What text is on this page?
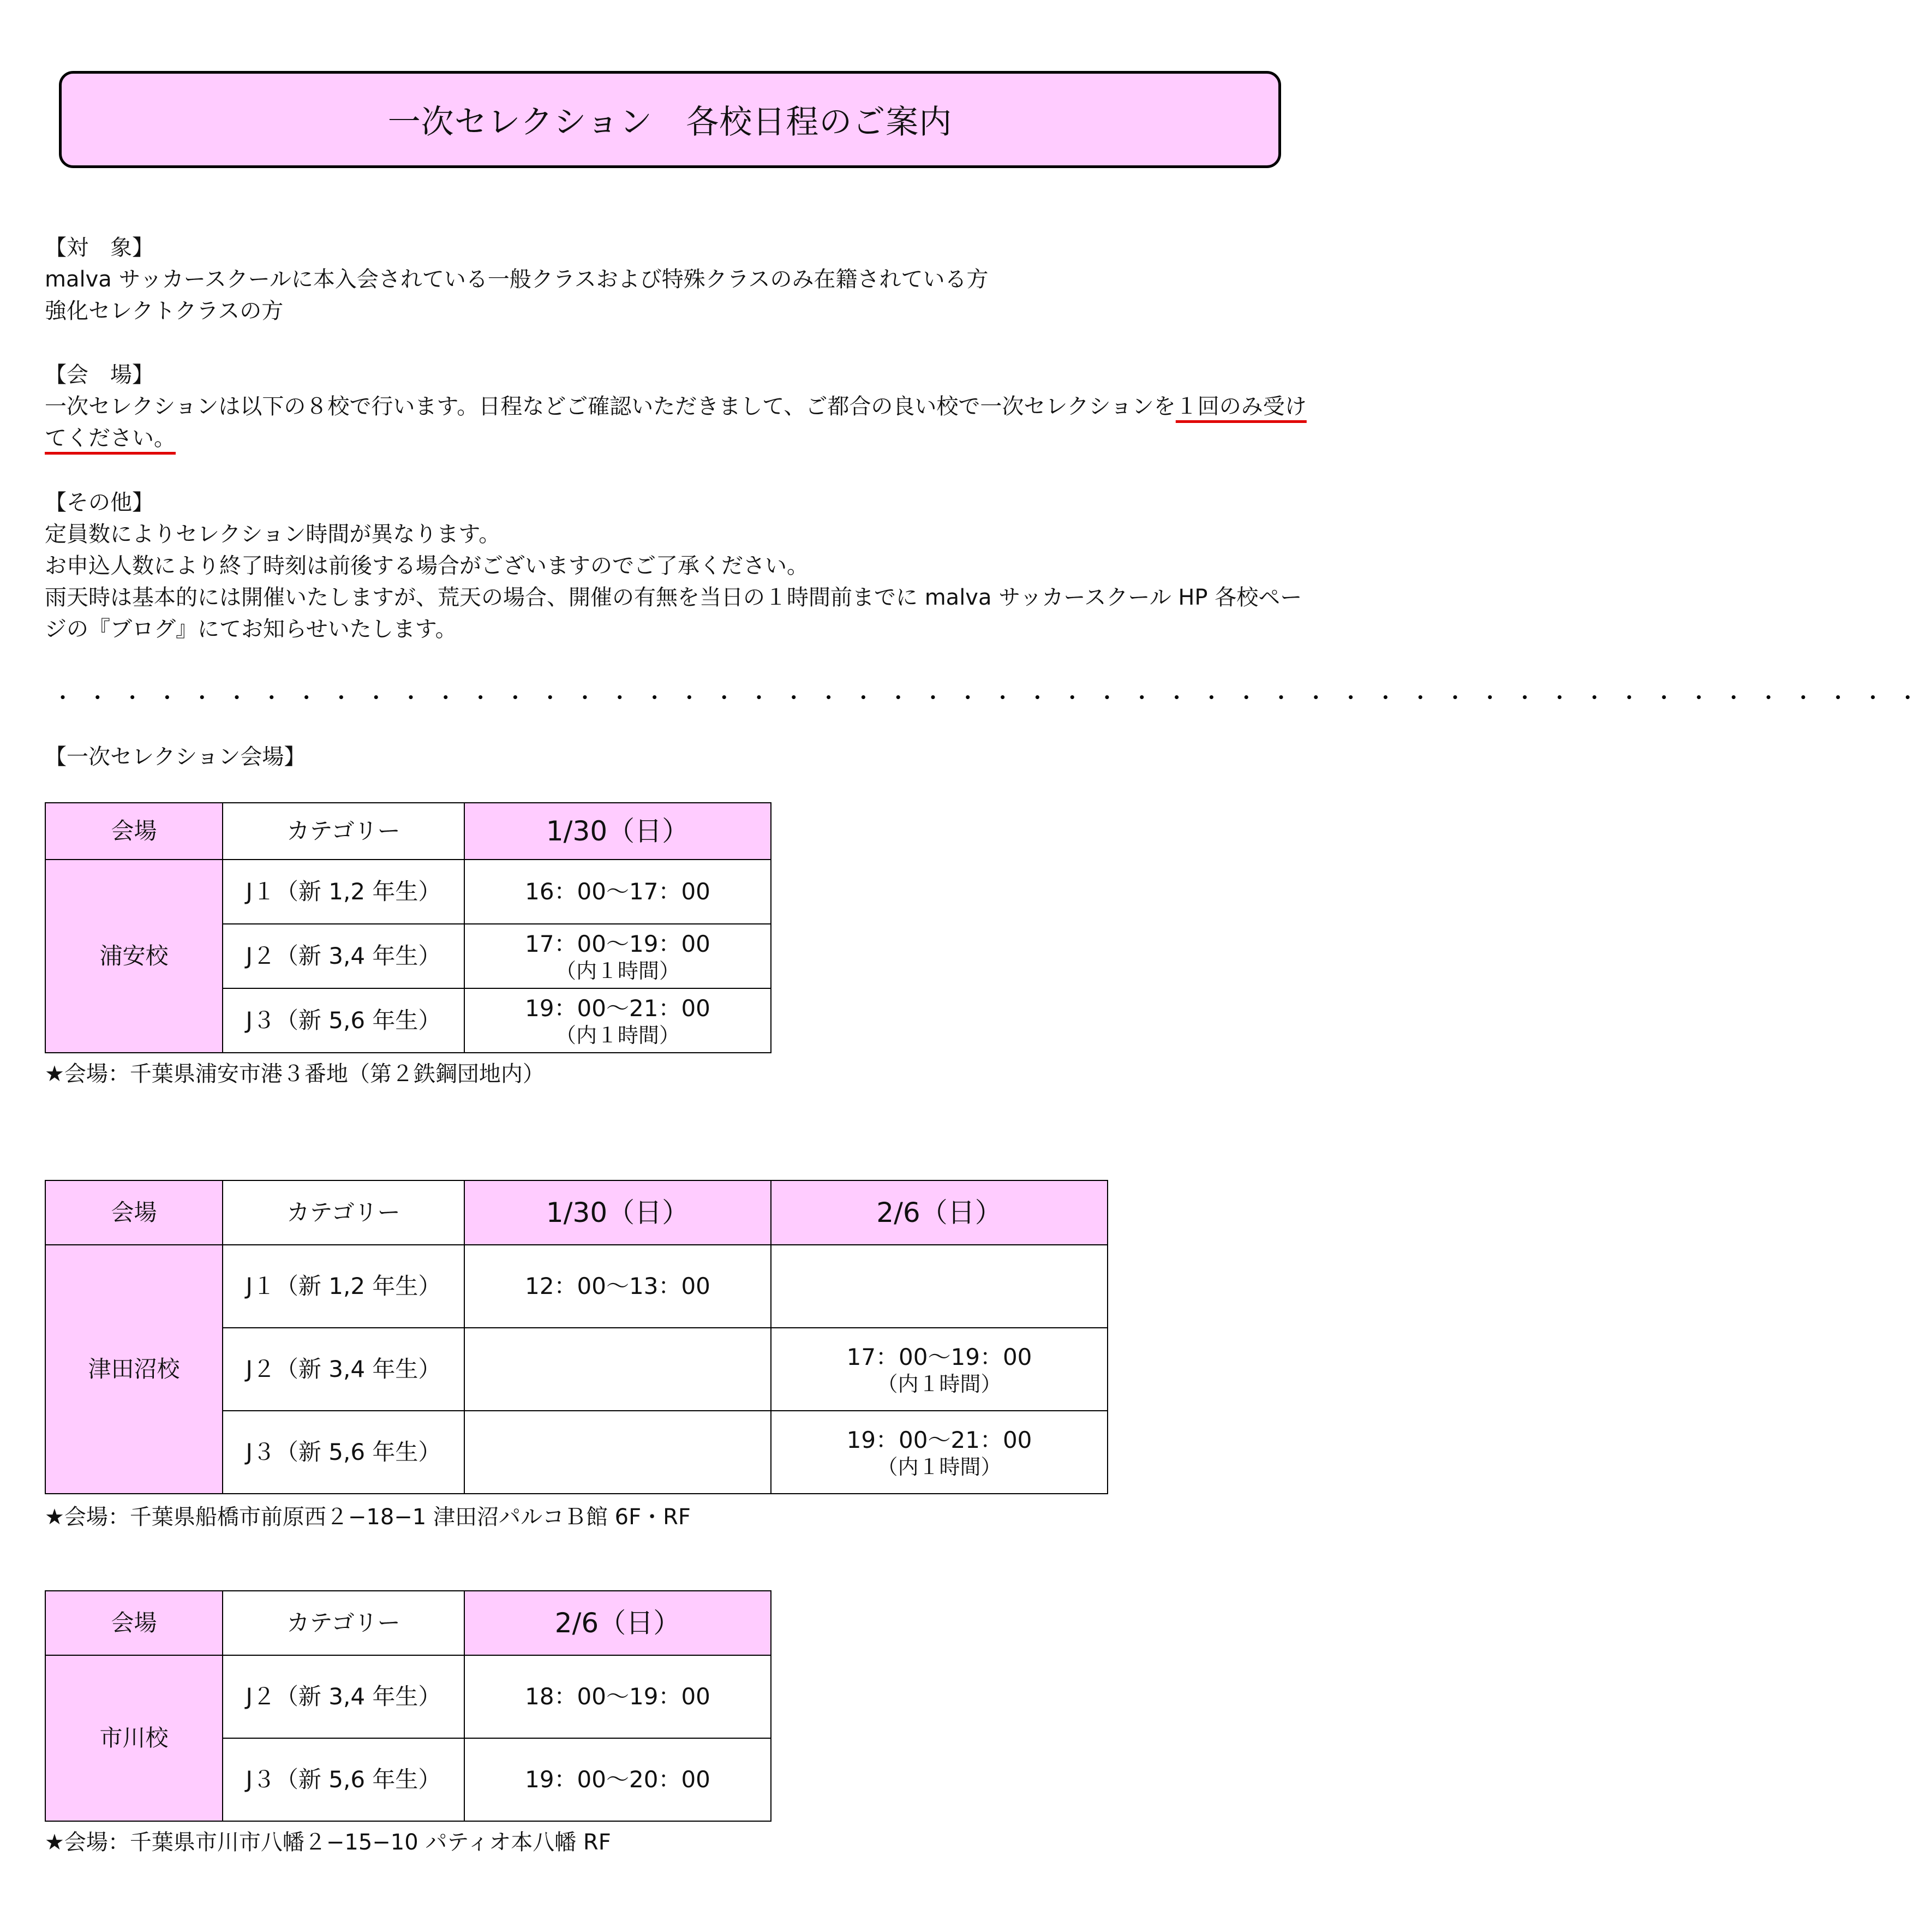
一次セレクション　各校日程のご案内

【対　象】

malva サッカースクールに本入会されている一般クラスおよび特殊クラスのみ在籍されている方

強化セレクトクラスの方

【会　場】

一次セレクションは以下の８校で行います。日程などご確認いただきまして、ご都合の良い校で一次セレクションを１回のみ受けてください。

【その他】

定員数によりセレクション時間が異なります。

お申込人数により終了時刻は前後する場合がございますのでご了承ください。

雨天時は基本的には開催いたしますが、荒天の場合、開催の有無を当日の１時間前までに malva サッカースクール HP 各校ページの『ブログ』にてお知らせいたします。

・・・・・・・・・・・・・・・・・・・・・・・・・・・・・・・・・・・・・・・・・・・・・・・・・・・・・・
【一次セレクション会場】
会場	カテゴリー	1/30（日）
浦安校	J１（新 1,2 年生）	16：00～17：00

	J２（新 3,4 年生）	17：00～19：00
（内１時間）

	J３（新 5,6 年生）	19：00～21：00
（内１時間）
★会場：千葉県浦安市港３番地（第２鉄鋼団地内）
会場	カテゴリー	1/30（日）	2/6（日）
津田沼校	J１（新 1,2 年生）	12：00～13：00	

	J２（新 3,4 年生）		17：00～19：00
（内１時間）

	J３（新 5,6 年生）		19：00～21：00
（内１時間）
★会場：千葉県船橋市前原西２−18−1 津田沼パルコＢ館 6F・RF
会場	カテゴリー	2/6（日）
市川校	J２（新 3,4 年生）	18：00～19：00

	J３（新 5,6 年生）	19：00～20：00
★会場：千葉県市川市八幡２−15−10 パティオ本八幡 RF
